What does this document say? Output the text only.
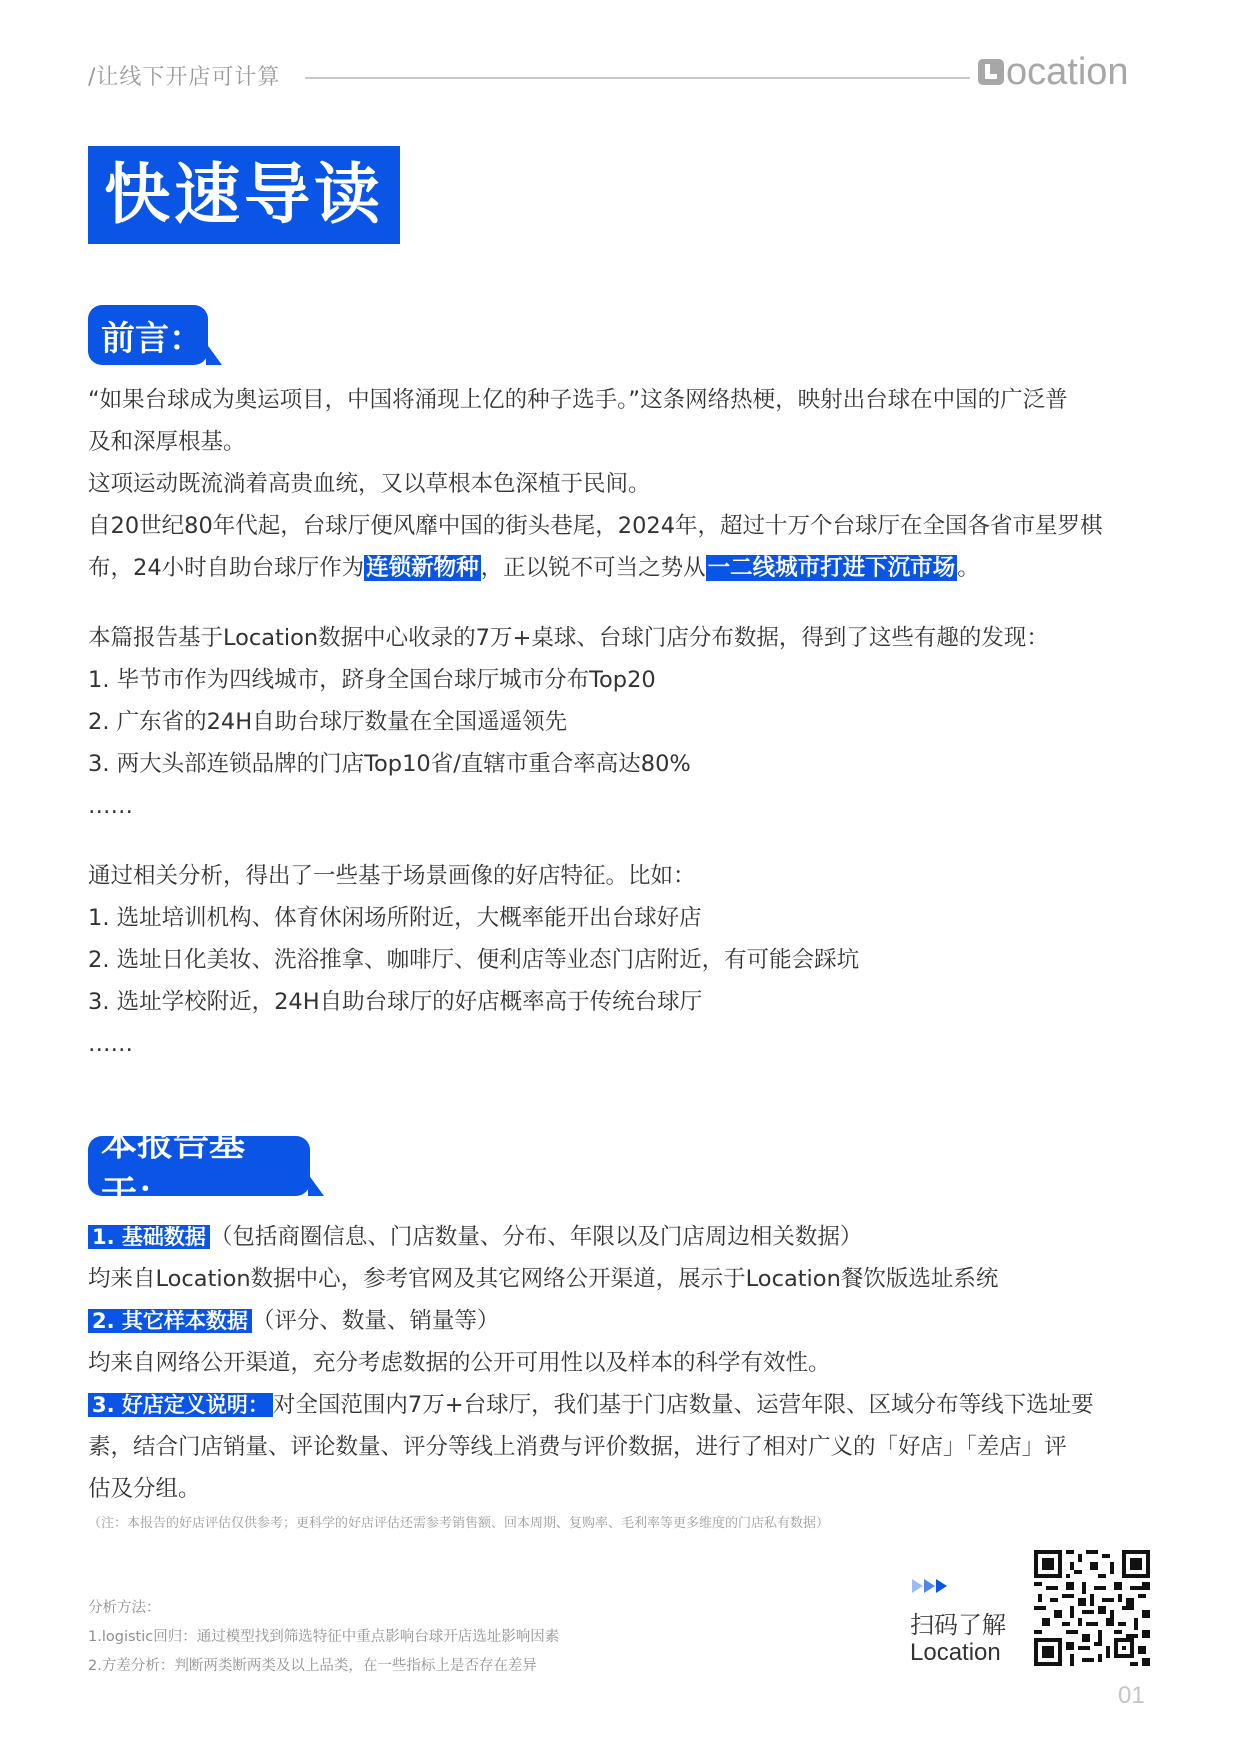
/让线下开店可计算	ocation
快速导读
前言：
“如果台球成为奥运项目，中国将涌现上亿的种子选手。”这条网络热梗，映射出台球在中国的广泛普
及和深厚根基。
这项运动既流淌着高贵血统，又以草根本色深植于民间。
自20世纪80年代起，台球厅便风靡中国的街头巷尾，2024年，超过十万个台球厅在全国各省市星罗棋
布，24小时自助台球厅作为连锁新物种，正以锐不可当之势从一二线城市打进下沉市场。
本篇报告基于Location数据中心收录的7万+桌球、台球门店分布数据，得到了这些有趣的发现：
1. 毕节市作为四线城市，跻身全国台球厅城市分布Top20
2. 广东省的24H自助台球厅数量在全国遥遥领先
3. 两大头部连锁品牌的门店Top10省/直辖市重合率高达80%
……
通过相关分析，得出了一些基于场景画像的好店特征。比如：
1. 选址培训机构、体育休闲场所附近，大概率能开出台球好店
2. 选址日化美妆、洗浴推拿、咖啡厅、便利店等业态门店附近，有可能会踩坑
3. 选址学校附近，24H自助台球厅的好店概率高于传统台球厅
……
本报告基于：
1. 基础数据 （包括商圈信息、门店数量、分布、年限以及门店周边相关数据）
均来自Location数据中心，参考官网及其它网络公开渠道，展示于Location餐饮版选址系统
2. 其它样本数据 （评分、数量、销量等）
均来自网络公开渠道，充分考虑数据的公开可用性以及样本的科学有效性。
3. 好店定义说明： 对全国范围内7万+台球厅，我们基于门店数量、运营年限、区域分布等线下选址要
素，结合门店销量、评论数量、评分等线上消费与评价数据，进行了相对广义的「好店」「差店」评
估及分组。
（注：本报告的好店评估仅供参考；更科学的好店评估还需参考销售额、回本周期、复购率、毛利率等更多维度的门店私有数据）
分析方法：
1.logistic回归：通过模型找到筛选特征中重点影响台球开店选址影响因素
2.方差分析：判断两类断两类及以上品类，在一些指标上是否存在差异
扫码了解
Location
01
